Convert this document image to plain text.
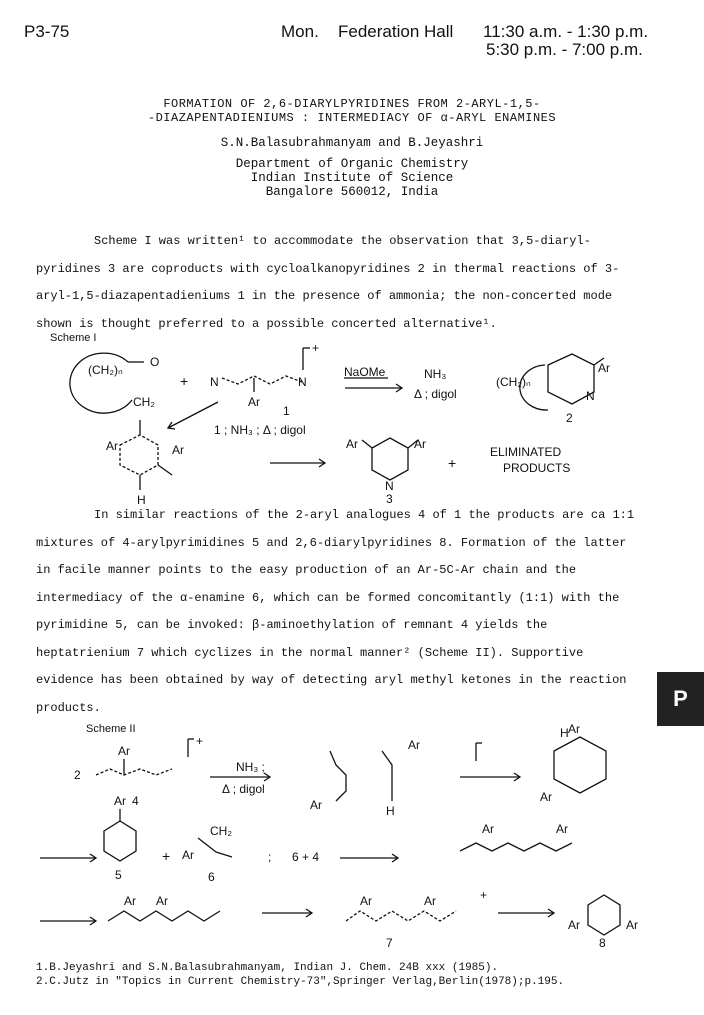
P3-75	Mon. Federation Hall 11:30 a.m. - 1:30 p.m.
5:30 p.m. - 7:00 p.m.
FORMATION OF 2,6-DIARYLPYRIDINES FROM 2-ARYL-1,5-
-DIAZAPENTADIENIUMS : INTERMEDIACY OF α-ARYL ENAMINES
S.N.Balasubrahmanyam and B.Jeyashri
Department of Organic Chemistry
Indian Institute of Science
Bangalore 560012, India
Scheme I was written¹ to accommodate the observation that 3,5-diaryl-pyridines 3 are coproducts with cycloalkanopyridines 2 in thermal reactions of 3-aryl-1,5-diazapentadieniums 1 in the presence of ammonia; the non-concerted mode shown is thought preferred to a possible concerted alternative¹.
Scheme I
(CH₂)ₙ
O
CH₂
+ N	N
+
Ar
1
NaOMe	NH₃
Δ ; digol
(CH₂)ₙ
Ar
N
2
1 ; NH₃ ; Δ ; digol
Ar	Ar
H
Ar	Ar
N
+
ELIMINATED
PRODUCTS
3
In similar reactions of the 2-aryl analogues 4 of 1 the products are ca 1:1 mixtures of 4-arylpyrimidines 5 and 2,6-diarylpyridines 8. Formation of the latter in facile manner points to the easy production of an Ar-5C-Ar chain and the intermediacy of the α-enamine 6, which can be formed concomitantly (1:1) with the pyrimidine 5, can be invoked: β-aminoethylation of remnant 4 yields the heptatrienium 7 which cyclizes in the normal manner² (Scheme II). Supportive evidence has been obtained by way of detecting aryl methyl ketones in the reaction products.
Scheme II
2
Ar
+
4
NH₃ ;
Δ ; digol
Ar
Ar
H
H Ar
Ar
Ar
5
+ Ar
CH₂
6
; 6 + 4
Ar	Ar
Ar Ar	Ar	Ar	+
7
Ar	Ar
8
P
1.B.Jeyashri and S.N.Balasubrahmanyam, Indian J. Chem. 24B xxx (1985).
2.C.Jutz in "Topics in Current Chemistry-73",Springer Verlag,Berlin(1978);p.195.
